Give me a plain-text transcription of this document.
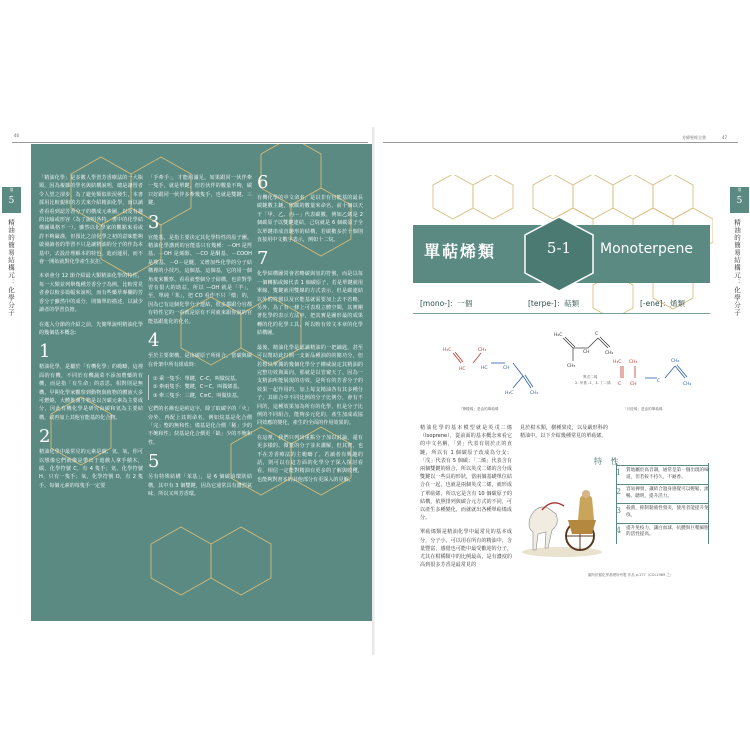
46

「精油化學」是多數人學習芳香療法的一大瓶頸，因為複雜的學名與結構說明，總是讓習者令人望之卻步，為了避免類似狀況發生，本書採用比較親和的方式來介紹精油化學，而以讀者看看到認芳香分子的構成元素圖，以及有趣的比喻或形容（為了說明各特，書中的化學結構圖風格不一）。雖然以化學家的觀點來看或許不夠嚴謹，但預比之前化學之初的意味能夠啟發讀者的學習不只是讓精油的分子的作為本基中，去設計理解本的特色，進而運用，而不會一開始就對化學產生抗拒。

本章會分 12 節介紹最大類精油化學的特性，每一大類並列舉幾種芳香分子為例，比較常見者會以較多篇幅來說明，而有些藥草專欄的芳香分子雖然中的成分，則簡單的描述，以減少讀者的學習負擔。

在進入分節的介紹之前，先簡單說明精油化學的幾個基本概念：

1

精油化學，是屬於「有機化學」的範疇，這裡面的有機，不同於有機蔬菜不添加農藥的有機，而是指「有生命」的意思。相對則是無機。早期化學家觀察到動物與植物的體液大多可燃燒，大體推測生物是以含碳元素為主要成分，因此有機化學是研究由碳和氫為主要結構，或再加上其他官能基的化合物。

2

精油化學中最常見的元素是碳、氫、氧，你可以想像它們就像是帶出于遊戲人拿手積木，碳、化學符號 C，有 4 隻手；氫，化學符號 H，只有一隻手；氧，化學符號 O，有 2 隻手，每個元素的每隻手一定要

「手牽手」，才能組滿足，如果跟同一伙伴牽一隻手，就是單鍵，但若伙伴的數量不夠，碳只好跟同一伙伴多牽幾隻手，也就是雙鍵、三鍵。

3

官能基，是指主要決定其化學特性的原子團。精油化學講到的官能基只有幾種：－OH 是羥基、－OH 是烯醇、－CO 是酮基、－COOH 是羧基、－O－是醚，又增加些化學的分子結構裡的小技巧，這個基、這個基，它的用一個角度來觀察、看看就整個分子結構，也許對學習有很大的助益，所以 —OH 就是「羊」，至，單純「苯」，把 CO 看作不只「燉」的，因為已有這個化學分子連結，很多都跟分官都有特性它的一看就是原有不同就來跟你說的官能基跟進化的化名。

4

至於主要架構，是由碳原子所組合，當碳與碳在骨架中所有組成時：

① 乘一隻手：單鍵，C–C，叫做烷基。
② 牽兩隻手：雙鍵，C＝C，叫做烯基。
③ 牽三隻手：三鍵，C≡C，叫做炔基。

它們的名稱也是約這字，除了取碳字的「火」旁外，再配上其則命名，例如烷基是化合價「完」整的無和性；烯基是化合價「稀」少的不飽和性；炔基是化合價更「缺」少的不飽和性。

5

另有特殊結構「苯基」，是 6 個碳前環狀結構，其中有 3 個雙鍵，因為它通常具有濃烈氣味，所以又叫芳香環。

6

有機化學的中文命名，是以非有官能基的最長碳鏈數主鏈，依碳的數量來命名，前十個以天干「甲、乙、丙⋯」代表碳數，例如乙烯是 2 個碳原子以雙鍵連結，己烷就是 6 個碳原子全以單鍵串成直鏈形的結構，若碳數多於十個則直接用中文數字表示，例如十二烷。

7

化學結構圖常會省略碳與氫的符號，而是以每一個轉點或線代表 1 個碳原子，若是單鍵就用單線，雙鍵就用雙線的方式表示，但是碳連結以外的符號以及官能基就需要加上去不省略，另外，為了有一條上可表現立體空間，其實剛著化學的表示方法中，把其實是圖形最的成果轉的化的化學工具，所以較有效文本章的化學結構圖。

最後，精油化學是認識精油的一把鑰匙，甚至可以幫助此打開一支新品種油的的簡功分，但若想以單獨的幾個化學分子權威說定其精油的完整功效與面向，那就是以管窺天了。因為一支精油所能展現的功效，是所有的芳香分子的效果一起作用的，加上每支精油各有其多種分子，其組合中不同比例的分子比例分，會有不同的，這種效果加為所有的化學，但是分子比例的不同組合，能夠多元化的，產生加成或協同效應的變化，產生的全面的作用效果的。

在這裡，我們只列出重點分子加以討論，還有更多樣的、微量的分子並未講解，但其實，也不在芳香療法的主範疇了。若讀者有興趣的話，則可以在這方面的化學分子深入探討看看，相信一定能對精油有更多的了解與收穫，也能夠對書本的其他部分有更深入的見解。

第
5
精油的簡易結構元：化學分子
芳療聖經全書	47
第
5
精油的簡易結構元：化學分子
單萜烯類	5-1	Monoterpene
[mono-]：一個	[terpe-]：萜類	[-ene]：烯類
H₂C
CH
CH₃
CH₂
C
異戊二烯
2- 甲基 -1，3- 丁二烯
H₃C
HC
CH₃
HC	CH
H₃C	CH₂
「檸檬烯」是由的單萜烯
H₃C CH₃
C CH
C
CH₂
CH₂
「月桂烯」是由的單萜烯
精油化學的基本模型就是英戊二烯（Isoprene），從前面的基本概念來看它的中文名稱，「異」代表有別於正的直鏈，所以有 1 個碳原子改成為分支；「戊」代表有 5 個碳；「二烯」代表含有兩個雙鍵的組合，所以英戊二烯的含分成雙鍵以一些具的形狀，當兩個基礎單位結合在一起，也就是兩個英戊二烯，就形成了單萜烯，所以它是含有 10 個碳原子的結構，依照排列與碳合元方式的不同，可以產生多種變化，而就就出各種單萜烯成分。
單萜烯類是精油化學中最常見的基本成分，分子小，可以用在所有的精油中，含量豐富，感覺也可能中最受歡迎的分子，尤其在柑橘類中的比例最高，是有濃度的高到很多芳香是最常見的
見於柑木類，樹種果皮，以及嚴形科的精油中。以下介紹幾種常見的單萜烯。
特 性
1	質地屬於高音調，通常是第一個出現的味道，但若較不持久，不耐香。
2	容易揮發，讓結合過身感覺可以輕鬆、流暢、聰明，提升活力。
3	殺菌，抑制黏液性發炎，使用者能提升免疫。
4	提升免疫力，讓白血球，抗體與巨噬細胞的活性提高。
圖所依循化學基礎所列製 作品 p.177（COL1989 之）
